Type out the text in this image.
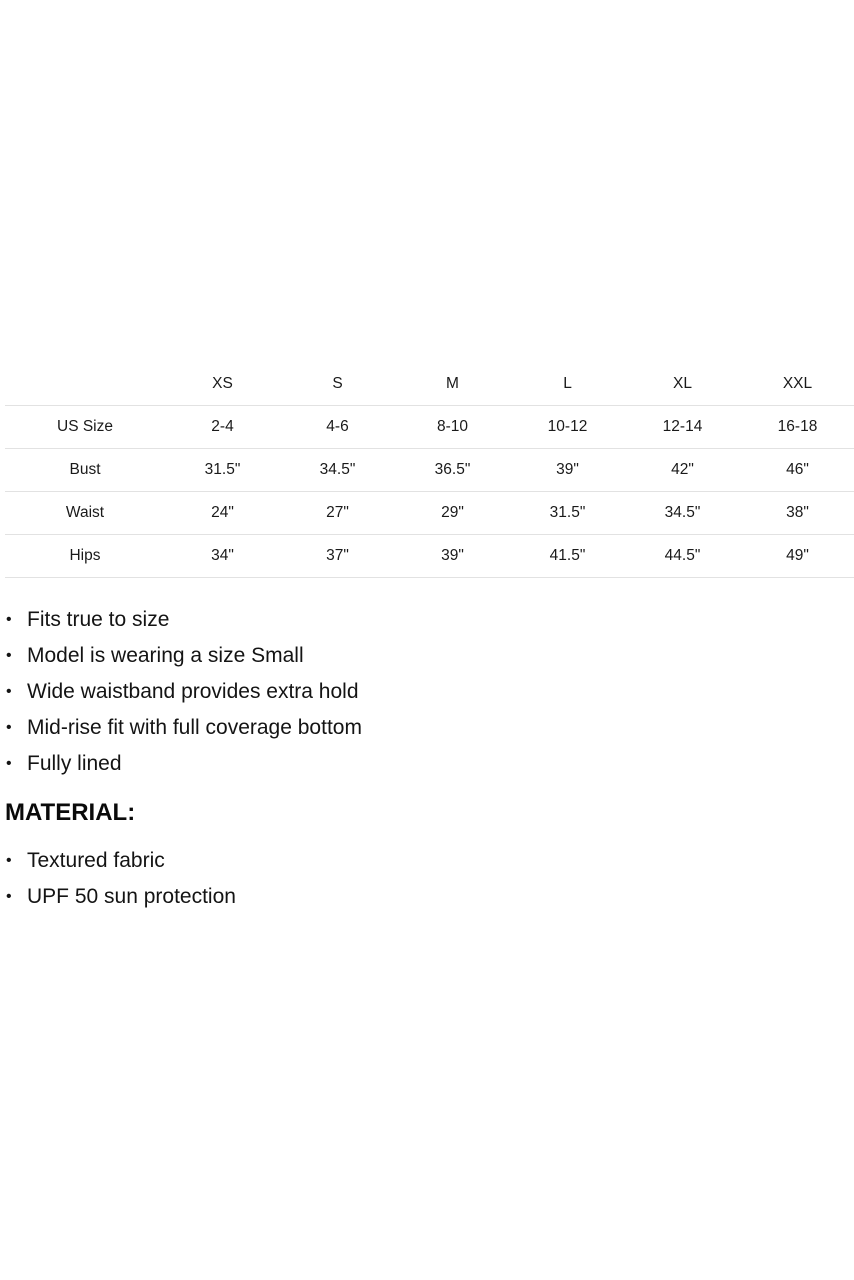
	XS	S	M	L	XL	XXL
US Size	2-4	4-6	8-10	10-12	12-14	16-18
Bust	31.5"	34.5"	36.5"	39"	42"	46"
Waist	24"	27"	29"	31.5"	34.5"	38"
Hips	34"	37"	39"	41.5"	44.5"	49"
• Fits true to size
• Model is wearing a size Small
• Wide waistband provides extra hold
• Mid-rise fit with full coverage bottom
• Fully lined
MATERIAL:
• Textured fabric
• UPF 50 sun protection
